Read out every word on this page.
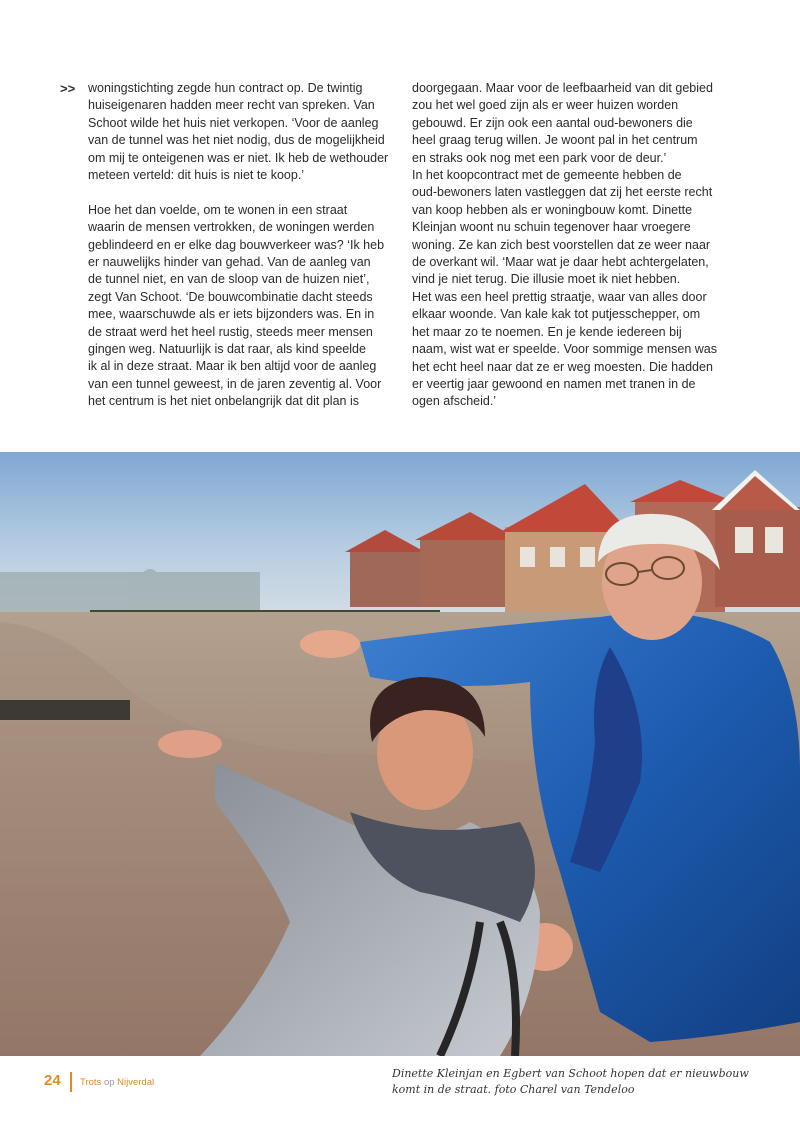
>> woningstichting zegde hun contract op. De twintig
huiseigenaren hadden meer recht van spreken. Van
Schoot wilde het huis niet verkopen. ‘Voor de aanleg
van de tunnel was het niet nodig, dus de mogelijkheid
om mij te onteigenen was er niet. Ik heb de wethouder
meteen verteld: dit huis is niet te koop.’

Hoe het dan voelde, om te wonen in een straat
waarin de mensen vertrokken, de woningen werden
geblindeerd en er elke dag bouwverkeer was? ‘Ik heb
er nauwelijks hinder van gehad. Van de aanleg van
de tunnel niet, en van de sloop van de huizen niet’,
zegt Van Schoot. ‘De bouwcombinatie dacht steeds
mee, waarschuwde als er iets bijzonders was. En in
de straat werd het heel rustig, steeds meer mensen
gingen weg. Natuurlijk is dat raar, als kind speelde
ik al in deze straat. Maar ik ben altijd voor de aanleg
van een tunnel geweest, in de jaren zeventig al. Voor
het centrum is het niet onbelangrijk dat dit plan is

doorgegaan. Maar voor de leefbaarheid van dit gebied
zou het wel goed zijn als er weer huizen worden
gebouwd. Er zijn ook een aantal oud-bewoners die
heel graag terug willen. Je woont pal in het centrum
en straks ook nog met een park voor de deur.’
In het koopcontract met de gemeente hebben de
oud-bewoners laten vastleggen dat zij het eerste recht
van koop hebben als er woningbouw komt. Dinette
Kleinjan woont nu schuin tegenover haar vroegere
woning. Ze kan zich best voorstellen dat ze weer naar
de overkant wil. ‘Maar wat je daar hebt achtergelaten,
vind je niet terug. Die illusie moet ik niet hebben.
Het was een heel prettig straatje, waar van alles door
elkaar woonde. Van kale kak tot putjesschepper, om
het maar zo te noemen. En je kende iedereen bij
naam, wist wat er speelde. Voor sommige mensen was
het echt heel naar dat ze er weg moesten. Die hadden
er veertig jaar gewoond en namen met tranen in de
ogen afscheid.’

24 Trots op Nijverdal
Dinette Kleinjan en Egbert van Schoot hopen dat er nieuwbouw komt in de straat. foto Charel van Tendeloo
